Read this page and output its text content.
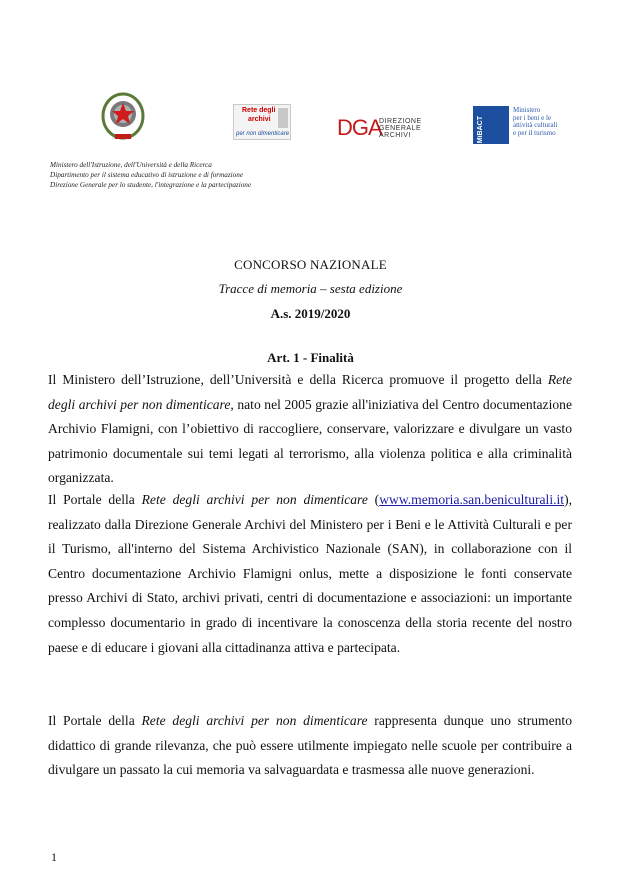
Rete degli
archivi
per non dimenticare DGA
DIREZIONE
GENERALE
ARCHIVI	MiBACT
Ministero
per i beni e le
attività culturali
e per il turismo
Ministero dell'Istruzione, dell'Università e della Ricerca
Dipartimento per il sistema educativo di istruzione e di formazione
Direzione Generale per lo studente, l'integrazione e la partecipazione
CONCORSO NAZIONALE
Tracce di memoria – sesta edizione
A.s. 2019/2020
Art. 1 - Finalità
Il Ministero dell’Istruzione, dell’Università e della Ricerca promuove il progetto della Rete degli archivi per non dimenticare, nato nel 2005 grazie all'iniziativa del Centro documentazione Archivio Flamigni, con l’obiettivo di raccogliere, conservare, valorizzare e divulgare un vasto patrimonio documentale sui temi legati al terrorismo, alla violenza politica e alla criminalità organizzata.
Il Portale della Rete degli archivi per non dimenticare (www.memoria.san.beniculturali.it), realizzato dalla Direzione Generale Archivi del Ministero per i Beni e le Attività Culturali e per il Turismo, all'interno del Sistema Archivistico Nazionale (SAN), in collaborazione con il Centro documentazione Archivio Flamigni onlus, mette a disposizione le fonti conservate presso Archivi di Stato, archivi privati, centri di documentazione e associazioni: un importante complesso documentario in grado di incentivare la conoscenza della storia recente del nostro paese e di educare i giovani alla cittadinanza attiva e partecipata.
Il Portale della Rete degli archivi per non dimenticare rappresenta dunque uno strumento didattico di grande rilevanza, che può essere utilmente impiegato nelle scuole per contribuire a divulgare un passato la cui memoria va salvaguardata e trasmessa alle nuove generazioni.
1
